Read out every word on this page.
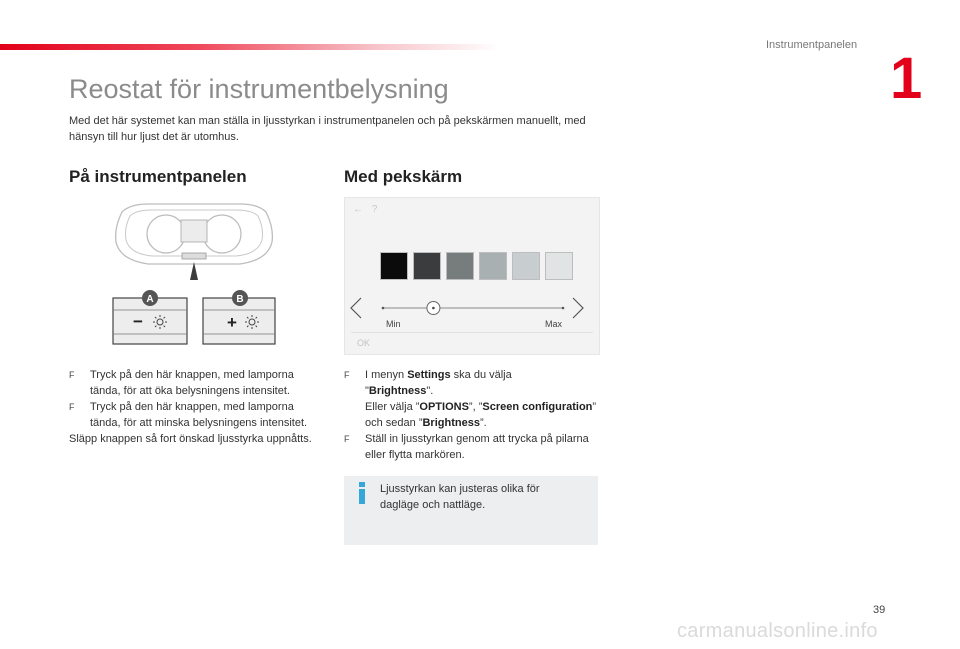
Instrumentpanelen
1
Reostat för instrumentbelysning
Med det här systemet kan man ställa in ljusstyrkan i instrumentpanelen och på pekskärmen manuellt, med hänsyn till hur ljust det är utomhus.
På instrumentpanelen	Med pekskärm
A	B
−	+
← ?
Min	Max
OK
F Tryck på den här knappen, med lamporna tända, för att öka belysningens intensitet.
F Tryck på den här knappen, med lamporna tända, för att minska belysningens intensitet.
Släpp knappen så fort önskad ljusstyrka uppnåtts.
F I menyn Settings ska du välja
"Brightness".
Eller välja ”OPTIONS”, ”Screen configuration” och sedan ”Brightness”.
F Ställ in ljusstyrkan genom att trycka på pilarna eller flytta markören.
Ljusstyrkan kan justeras olika för dagläge och nattläge.
39
carmanualsonline.info
